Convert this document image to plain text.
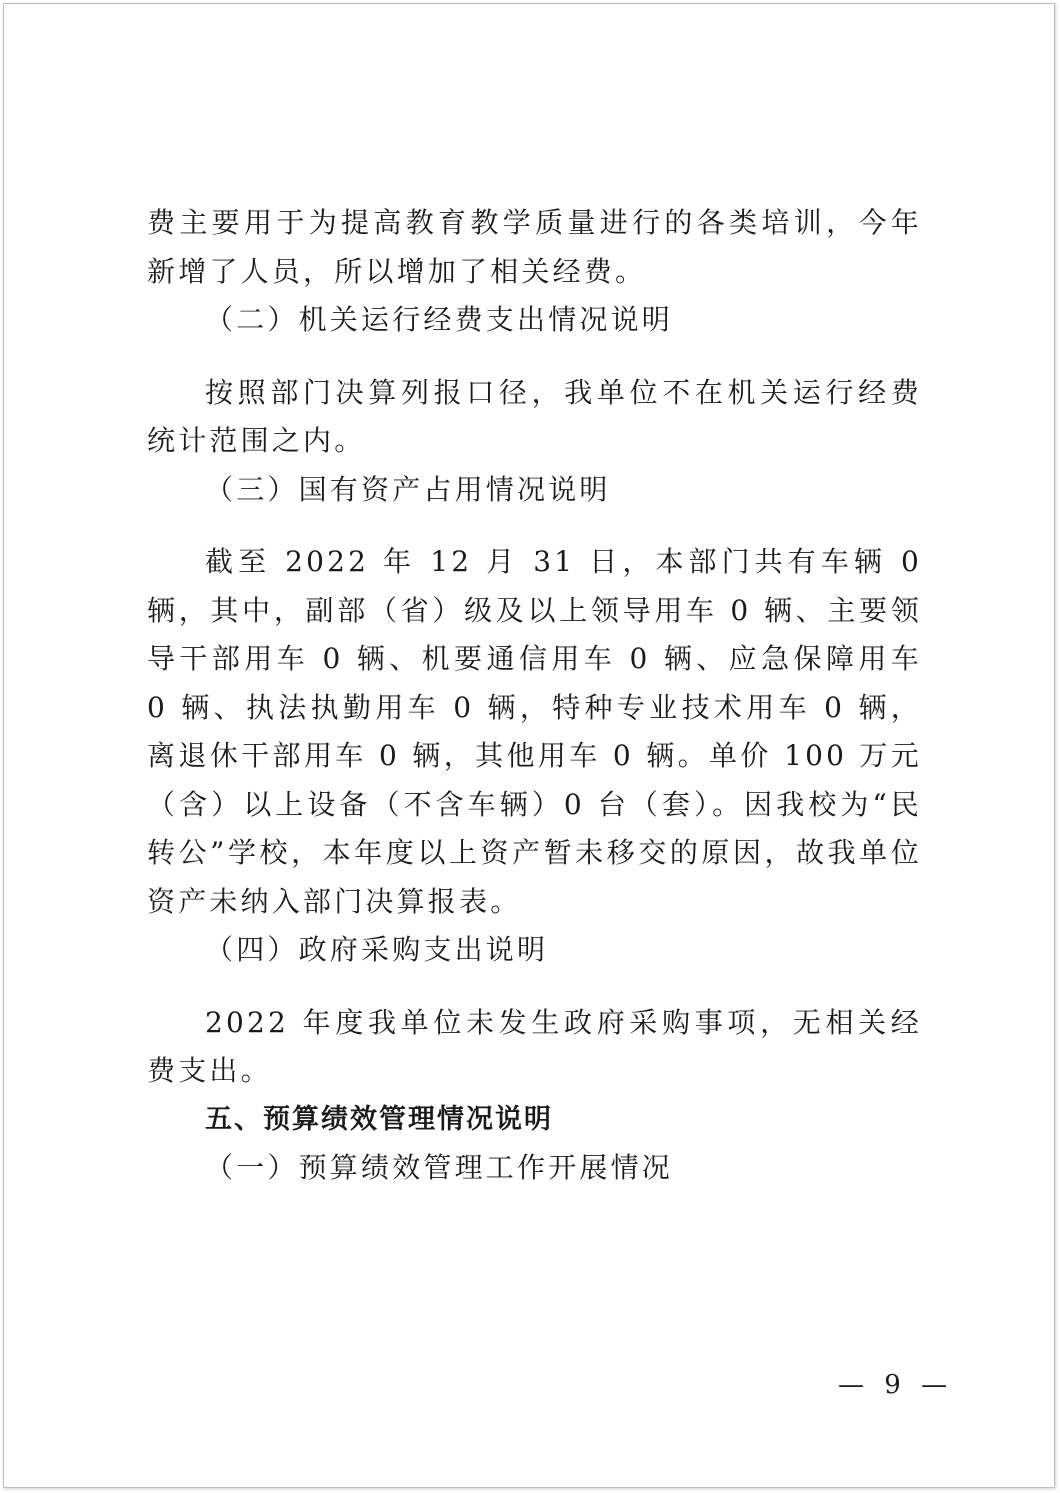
费主要用于为提高教育教学质量进行的各类培训，今年新增了人员，所以增加了相关经费。

（二）机关运行经费支出情况说明

按照部门决算列报口径，我单位不在机关运行经费统计范围之内。

（三）国有资产占用情况说明

截至 2022 年 12 月 31 日，本部门共有车辆 0 辆，其中，副部（省）级及以上领导用车 0 辆、主要领导干部用车 0 辆、机要通信用车 0 辆、应急保障用车 0 辆、执法执勤用车 0 辆，特种专业技术用车 0 辆，离退休干部用车 0 辆，其他用车 0 辆。单价 100 万元（含）以上设备（不含车辆）0 台（套）。因我校为“民转公”学校，本年度以上资产暂未移交的原因，故我单位资产未纳入部门决算报表。

（四）政府采购支出说明

2022 年度我单位未发生政府采购事项，无相关经费支出。

五、预算绩效管理情况说明

（一）预算绩效管理工作开展情况

— 9 —
